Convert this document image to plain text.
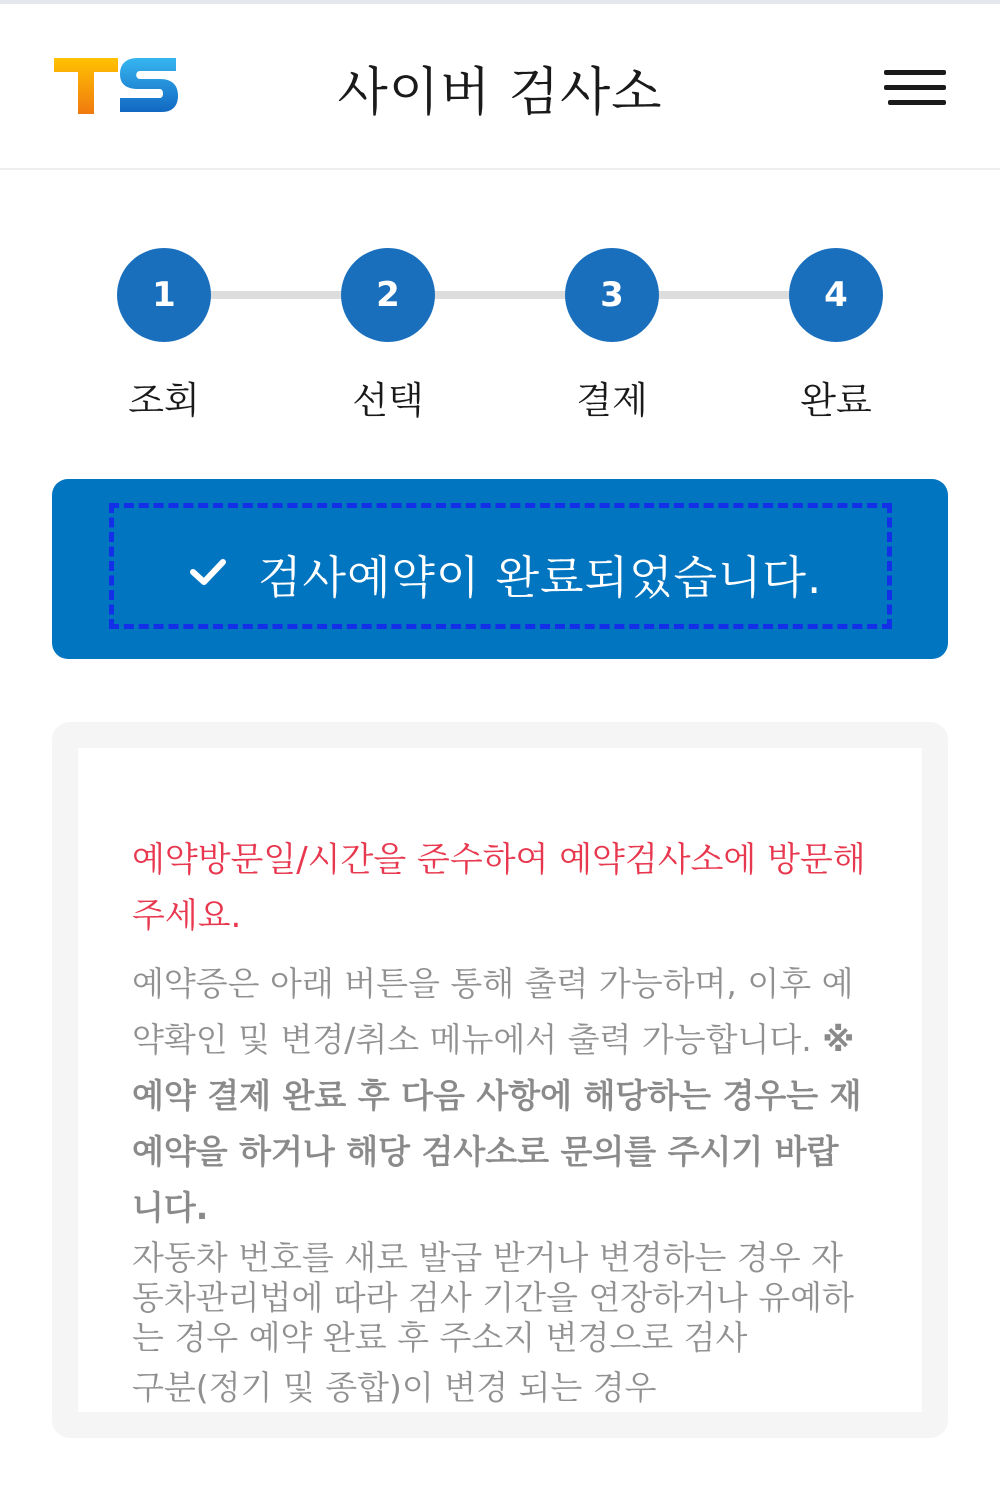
사이버 검사소
1
조회
2
선택
3
결제
4
완료
검사예약이 완료되었습니다.

예약방문일/시간을 준수하여 예약검사소에 방문해주세요.

예약증은 아래 버튼을 통해 출력 가능하며, 이후 예약확인 및 변경/취소 메뉴에서 출력 가능합니다. ※ 예약 결제 완료 후 다음 사항에 해당하는 경우는 재 예약을 하거나 해당 검사소로 문의를 주시기 바랍니다.

자동차 번호를 새로 발급 받거나 변경하는 경우 자동차관리법에 따라 검사 기간을 연장하거나 유예하는 경우 예약 완료 후 주소지 변경으로 검사
구분(정기 및 종합)이 변경 되는 경우
